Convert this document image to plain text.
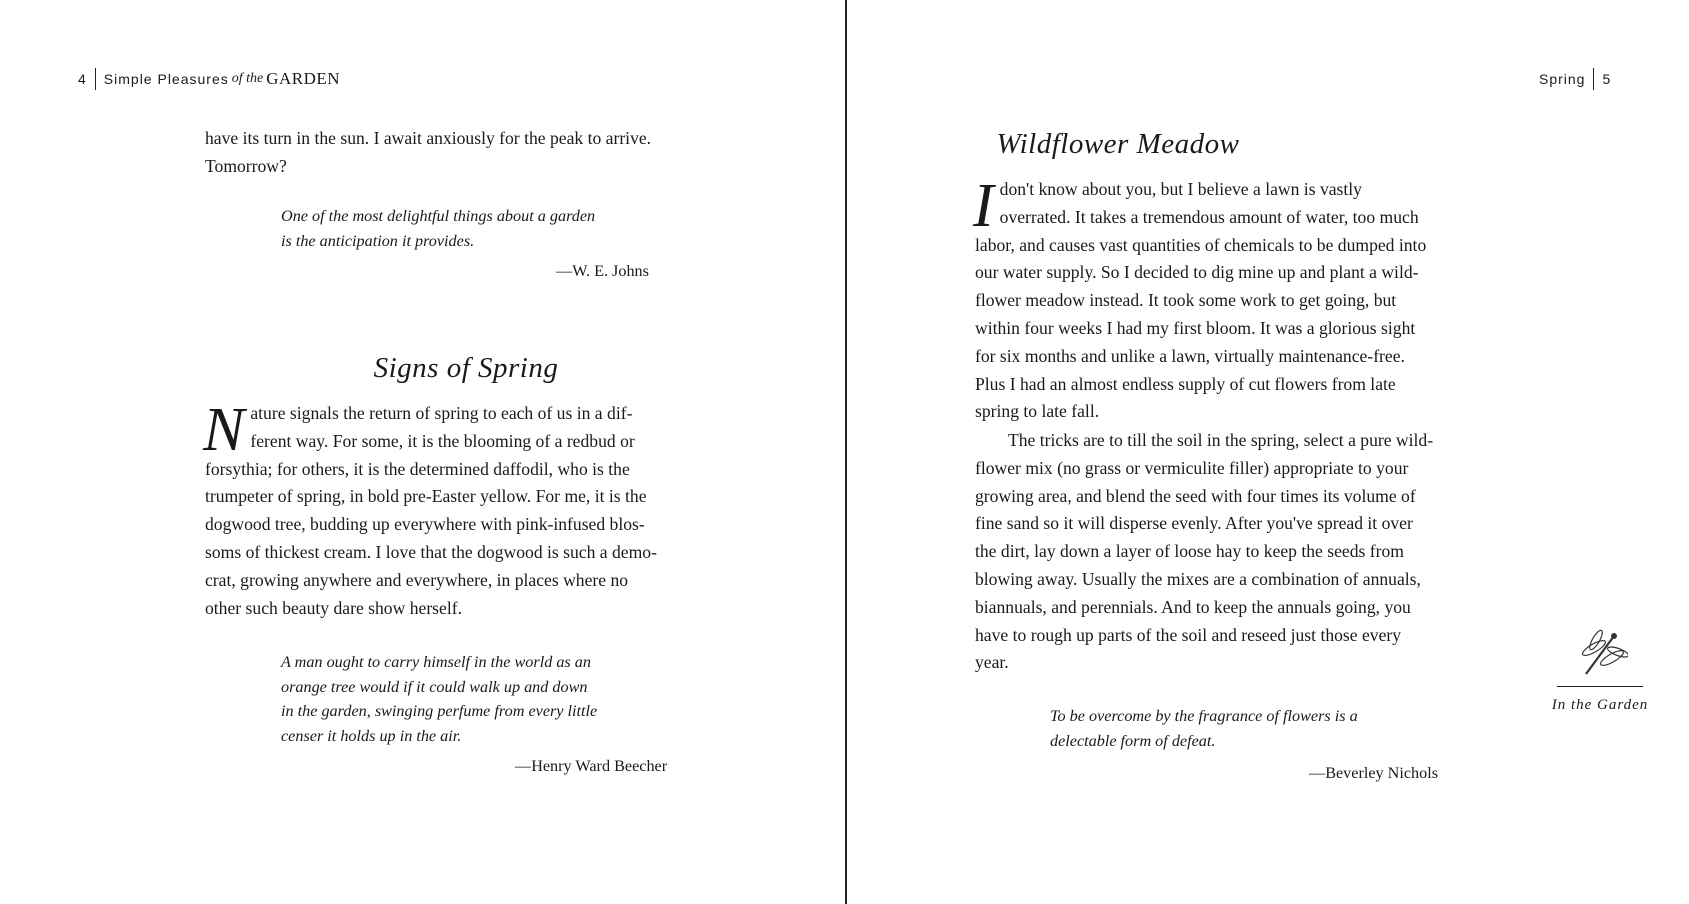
4 Simple Pleasures of the GARDEN
have its turn in the sun. I await anxiously for the peak to arrive.
Tomorrow?

One of the most delightful things about a garden

is the anticipation it provides.

—W. E. Johns
Signs of Spring
N ature signals the return of spring to each of us in a dif-
ferent way. For some, it is the blooming of a redbud or
forsythia; for others, it is the determined daffodil, who is the
trumpeter of spring, in bold pre-Easter yellow. For me, it is the
dogwood tree, budding up everywhere with pink-infused blos-
soms of thickest cream. I love that the dogwood is such a demo-
crat, growing anywhere and everywhere, in places where no
other such beauty dare show herself.

A man ought to carry himself in the world as an

orange tree would if it could walk up and down

in the garden, swinging perfume from every little

censer it holds up in the air.

—Henry Ward Beecher
Spring 5
Wildflower Meadow
I don't know about you, but I believe a lawn is vastly
overrated. It takes a tremendous amount of water, too much
labor, and causes vast quantities of chemicals to be dumped into
our water supply. So I decided to dig mine up and plant a wild-
flower meadow instead. It took some work to get going, but
within four weeks I had my first bloom. It was a glorious sight
for six months and unlike a lawn, virtually maintenance-free.
Plus I had an almost endless supply of cut flowers from late
spring to late fall.
The tricks are to till the soil in the spring, select a pure wild-
flower mix (no grass or vermiculite filler) appropriate to your
growing area, and blend the seed with four times its volume of
fine sand so it will disperse evenly. After you've spread it over
the dirt, lay down a layer of loose hay to keep the seeds from
blowing away. Usually the mixes are a combination of annuals,
biannuals, and perennials. And to keep the annuals going, you
have to rough up parts of the soil and reseed just those every
year.

To be overcome by the fragrance of flowers is a

delectable form of defeat.

—Beverley Nichols
In the Garden
